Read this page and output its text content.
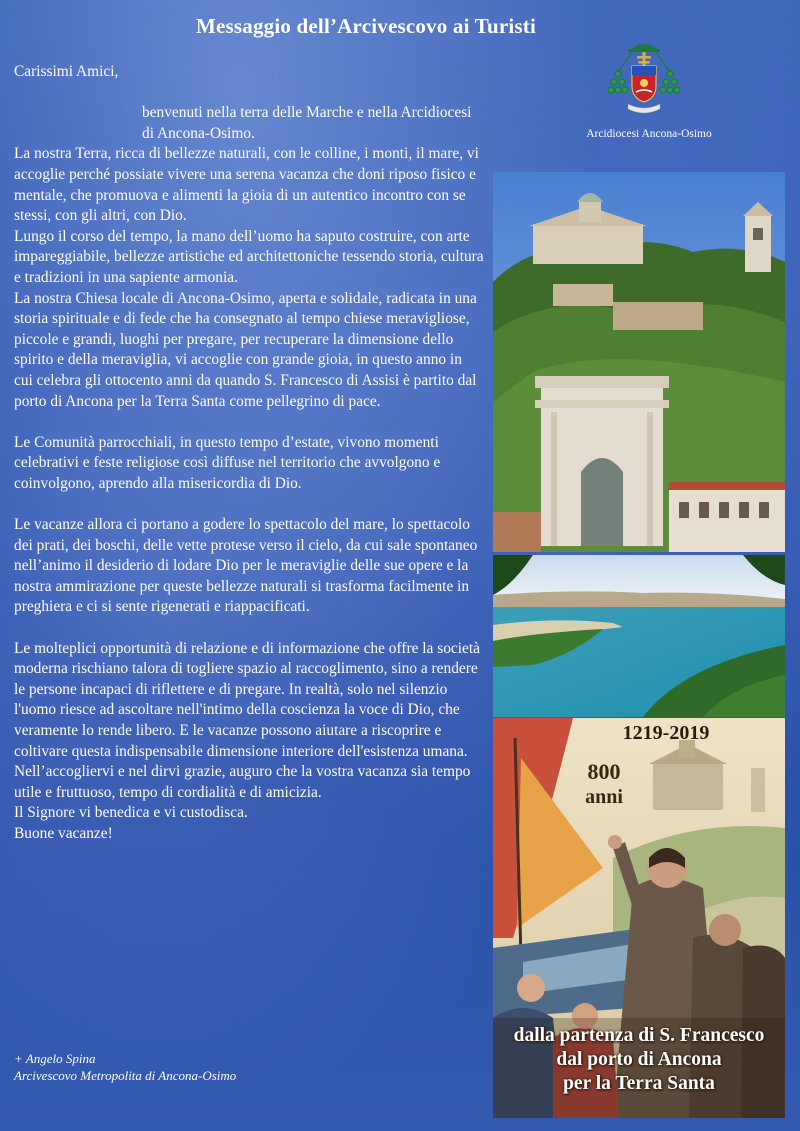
Messaggio dell’Arcivescovo ai Turisti

Carissimi Amici,

benvenuti nella terra delle Marche e nella Arcidiocesi di Ancona-Osimo.

La nostra Terra, ricca di bellezze naturali, con le colline, i monti, il mare, vi accoglie perché possiate vivere una serena vacanza che doni riposo fisico e mentale, che promuova e alimenti la gioia di un autentico incontro con se stessi, con gli altri, con Dio.

Lungo il corso del tempo, la mano dell’uomo ha saputo costruire, con arte impareggiabile, bellezze artistiche ed architettoniche tessendo storia, cultura e tradizioni in una sapiente armonia.

La nostra Chiesa locale di Ancona-Osimo, aperta e solidale, radicata in una storia spirituale e di fede che ha consegnato al tempo chiese meravigliose, piccole e grandi, luoghi per pregare, per recuperare la dimensione dello spirito e della meraviglia, vi accoglie con grande gioia, in questo anno in cui celebra gli ottocento anni da quando S. Francesco di Assisi è partito dal porto di Ancona per la Terra Santa come pellegrino di pace.

Le Comunità parrocchiali, in questo tempo d’estate, vivono momenti celebrativi e feste religiose così diffuse nel territorio che avvolgono e coinvolgono, aprendo alla misericordia di Dio.

Le vacanze allora ci portano a godere lo spettacolo del mare, lo spettacolo dei prati, dei boschi, delle vette protese verso il cielo, da cui sale spontaneo nell’animo il desiderio di lodare Dio per le meraviglie delle sue opere e la nostra ammirazione per queste bellezze naturali si trasforma facilmente in preghiera e ci si sente rigenerati e riappacificati.

Le molteplici opportunità di relazione e di informazione che offre la società moderna rischiano talora di togliere spazio al raccoglimento, sino a rendere le persone incapaci di riflettere e di pregare. In realtà, solo nel silenzio l'uomo riesce ad ascoltare nell'intimo della coscienza la voce di Dio, che veramente lo rende libero. E le vacanze possono aiutare a riscoprire e coltivare questa indispensabile dimensione interiore dell'esistenza umana.

Nell’accogliervi e nel dirvi grazie, auguro che la vostra vacanza sia tempo utile e fruttuoso, tempo di cordialità e di amicizia.

Il Signore vi benedica e vi custodisca.

Buone vacanze!

+ Angelo Spina
Arcivescovo Metropolita di Ancona-Osimo
Arcidiocesi Ancona-Osimo
1219-2019
800
anni
dalla partenza di S. Francesco
dal porto di Ancona
per la Terra Santa
